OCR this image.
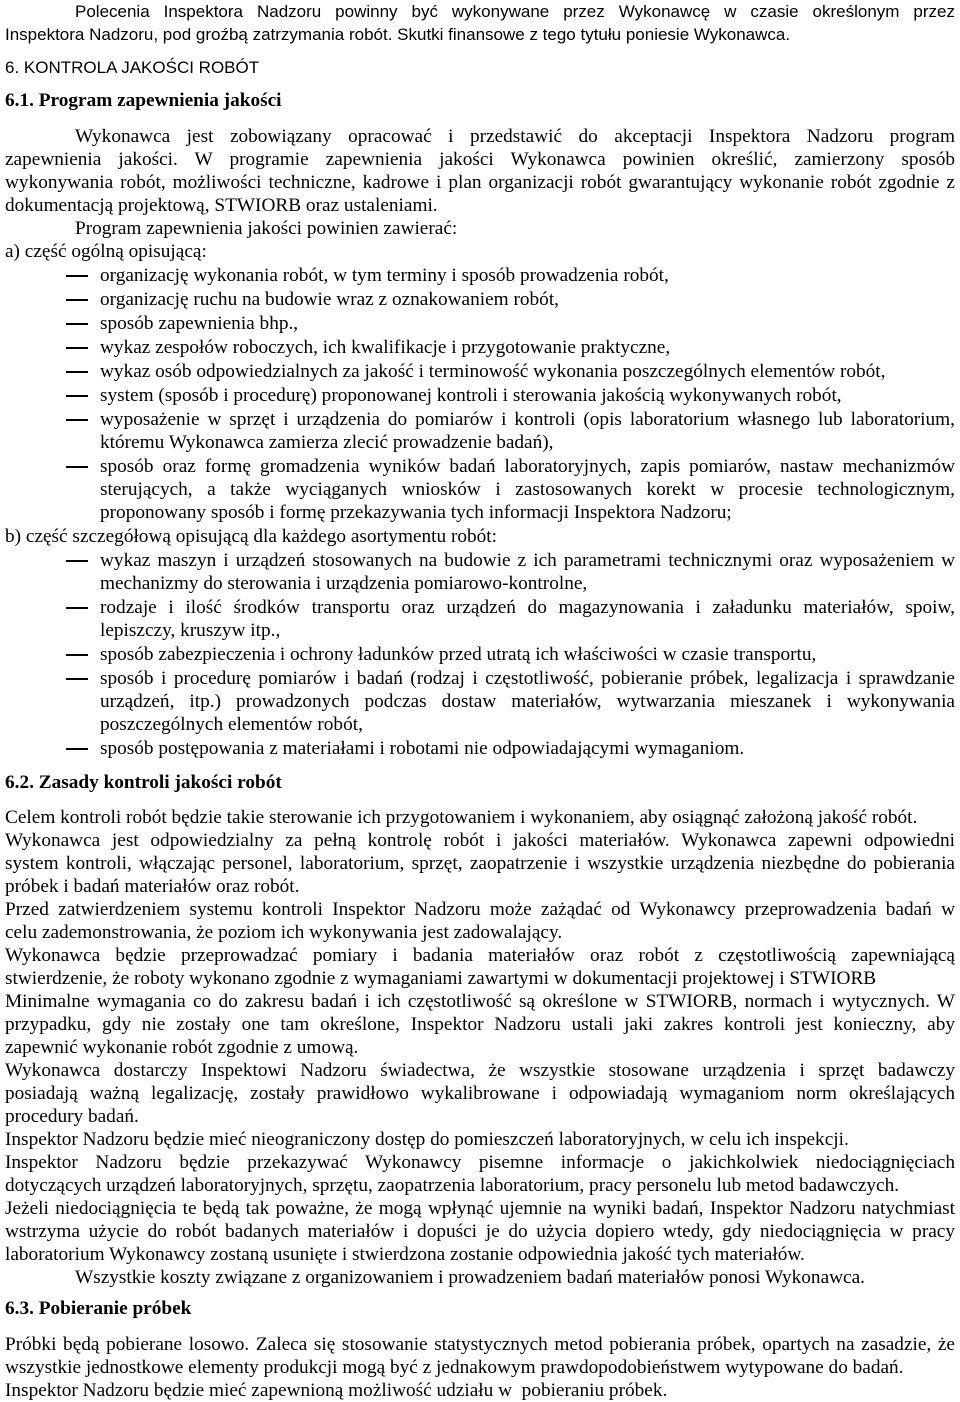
Polecenia Inspektora Nadzoru powinny być wykonywane przez Wykonawcę w czasie określonym przez
Inspektora Nadzoru, pod groźbą zatrzymania robót. Skutki finansowe z tego tytułu poniesie Wykonawca.
6. KONTROLA JAKOŚCI ROBÓT
6.1. Program zapewnienia jakości
Wykonawca jest zobowiązany opracować i przedstawić do akceptacji Inspektora Nadzoru program
zapewnienia jakości. W programie zapewnienia jakości Wykonawca powinien określić, zamierzony sposób
wykonywania robót, możliwości techniczne, kadrowe i plan organizacji robót gwarantujący wykonanie robót zgodnie z
dokumentacją projektową, STWIORB oraz ustaleniami.
Program zapewnienia jakości powinien zawierać:
a) część ogólną opisującą:
organizację wykonania robót, w tym terminy i sposób prowadzenia robót,
organizację ruchu na budowie wraz z oznakowaniem robót,
sposób zapewnienia bhp.,
wykaz zespołów roboczych, ich kwalifikacje i przygotowanie praktyczne,
wykaz osób odpowiedzialnych za jakość i terminowość wykonania poszczególnych elementów robót,
system (sposób i procedurę) proponowanej kontroli i sterowania jakością wykonywanych robót,
wyposażenie w sprzęt i urządzenia do pomiarów i kontroli (opis laboratorium własnego lub laboratorium,
któremu Wykonawca zamierza zlecić prowadzenie badań),
sposób oraz formę gromadzenia wyników badań laboratoryjnych, zapis pomiarów, nastaw mechanizmów
sterujących, a także wyciąganych wniosków i zastosowanych korekt w procesie technologicznym,
proponowany sposób i formę przekazywania tych informacji Inspektora Nadzoru;
b) część szczegółową opisującą dla każdego asortymentu robót:
wykaz maszyn i urządzeń stosowanych na budowie z ich parametrami technicznymi oraz wyposażeniem w
mechanizmy do sterowania i urządzenia pomiarowo-kontrolne,
rodzaje i ilość środków transportu oraz urządzeń do magazynowania i załadunku materiałów, spoiw,
lepiszczy, kruszyw itp.,
sposób zabezpieczenia i ochrony ładunków przed utratą ich właściwości w czasie transportu,
sposób i procedurę pomiarów i badań (rodzaj i częstotliwość, pobieranie próbek, legalizacja i sprawdzanie
urządzeń, itp.) prowadzonych podczas dostaw materiałów, wytwarzania mieszanek i wykonywania
poszczególnych elementów robót,
sposób postępowania z materiałami i robotami nie odpowiadającymi wymaganiom.
6.2. Zasady kontroli jakości robót
Celem kontroli robót będzie takie sterowanie ich przygotowaniem i wykonaniem, aby osiągnąć założoną jakość robót.
Wykonawca jest odpowiedzialny za pełną kontrolę robót i jakości materiałów. Wykonawca zapewni odpowiedni
system kontroli, włączając personel, laboratorium, sprzęt, zaopatrzenie i wszystkie urządzenia niezbędne do pobierania
próbek i badań materiałów oraz robót.
Przed zatwierdzeniem systemu kontroli Inspektor Nadzoru może zażądać od Wykonawcy przeprowadzenia badań w
celu zademonstrowania, że poziom ich wykonywania jest zadowalający.
Wykonawca będzie przeprowadzać pomiary i badania materiałów oraz robót z częstotliwością zapewniającą
stwierdzenie, że roboty wykonano zgodnie z wymaganiami zawartymi w dokumentacji projektowej i STWIORB
Minimalne wymagania co do zakresu badań i ich częstotliwość są określone w STWIORB, normach i wytycznych. W
przypadku, gdy nie zostały one tam określone, Inspektor Nadzoru ustali jaki zakres kontroli jest konieczny, aby
zapewnić wykonanie robót zgodnie z umową.
Wykonawca dostarczy Inspektowi Nadzoru świadectwa, że wszystkie stosowane urządzenia i sprzęt badawczy
posiadają ważną legalizację, zostały prawidłowo wykalibrowane i odpowiadają wymaganiom norm określających
procedury badań.
Inspektor Nadzoru będzie mieć nieograniczony dostęp do pomieszczeń laboratoryjnych, w celu ich inspekcji.
Inspektor Nadzoru będzie przekazywać Wykonawcy pisemne informacje o jakichkolwiek niedociągnięciach
dotyczących urządzeń laboratoryjnych, sprzętu, zaopatrzenia laboratorium, pracy personelu lub metod badawczych.
Jeżeli niedociągnięcia te będą tak poważne, że mogą wpłynąć ujemnie na wyniki badań, Inspektor Nadzoru natychmiast
wstrzyma użycie do robót badanych materiałów i dopuści je do użycia dopiero wtedy, gdy niedociągnięcia w pracy
laboratorium Wykonawcy zostaną usunięte i stwierdzona zostanie odpowiednia jakość tych materiałów.
Wszystkie koszty związane z organizowaniem i prowadzeniem badań materiałów ponosi Wykonawca.
6.3. Pobieranie próbek
Próbki będą pobierane losowo. Zaleca się stosowanie statystycznych metod pobierania próbek, opartych na zasadzie, że
wszystkie jednostkowe elementy produkcji mogą być z jednakowym prawdopodobieństwem wytypowane do badań.
Inspektor Nadzoru będzie mieć zapewnioną możliwość udziału w  pobieraniu próbek.
